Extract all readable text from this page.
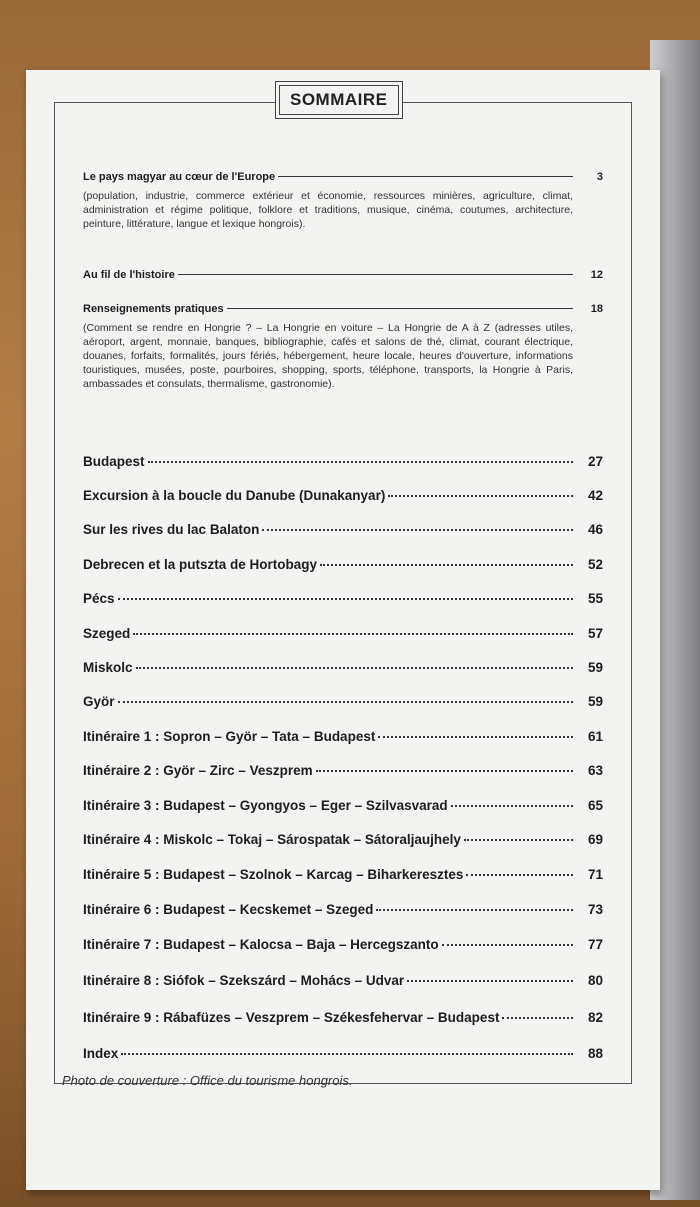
SOMMAIRE
Le pays magyar au cœur de l'Europe	3
(population, industrie, commerce extérieur et économie, ressources minières, agriculture, climat, administration et régime politique, folklore et traditions, musique, cinéma, coutumes, architecture, peinture, littérature, langue et lexique hongrois).
Au fil de l'histoire	12
Renseignements pratiques	18
(Comment se rendre en Hongrie ? – La Hongrie en voiture – La Hongrie de A à Z (adresses utiles, aéroport, argent, monnaie, banques, bibliographie, cafés et salons de thé, climat, courant électrique, douanes, forfaits, formalités, jours fériés, hébergement, heure locale, heures d'ouverture, informations touristiques, musées, poste, pourboires, shopping, sports, téléphone, transports, la Hongrie à Paris, ambassades et consulats, thermalisme, gastronomie).
Budapest	27
Excursion à la boucle du Danube (Dunakanyar)	42
Sur les rives du lac Balaton	46
Debrecen et la putszta de Hortobagy	52
Pécs	55
Szeged	57
Miskolc	59
Györ	59
Itinéraire 1 : Sopron – Györ – Tata – Budapest	61
Itinéraire 2 : Györ – Zirc – Veszprem	63
Itinéraire 3 : Budapest – Gyongyos – Eger – Szilvasvarad	65
Itinéraire 4 : Miskolc – Tokaj – Sárospatak – Sátoraljaujhely	69
Itinéraire 5 : Budapest – Szolnok – Karcag – Biharkeresztes	71
Itinéraire 6 : Budapest – Kecskemet – Szeged	73
Itinéraire 7 : Budapest – Kalocsa – Baja – Hercegszanto	77
Itinéraire 8 : Siófok – Szekszárd – Mohács – Udvar	80
Itinéraire 9 : Rábafüzes – Veszprem – Székesfehervar – Budapest	82
Index	88
Photo de couverture : Office du tourisme hongrois.
